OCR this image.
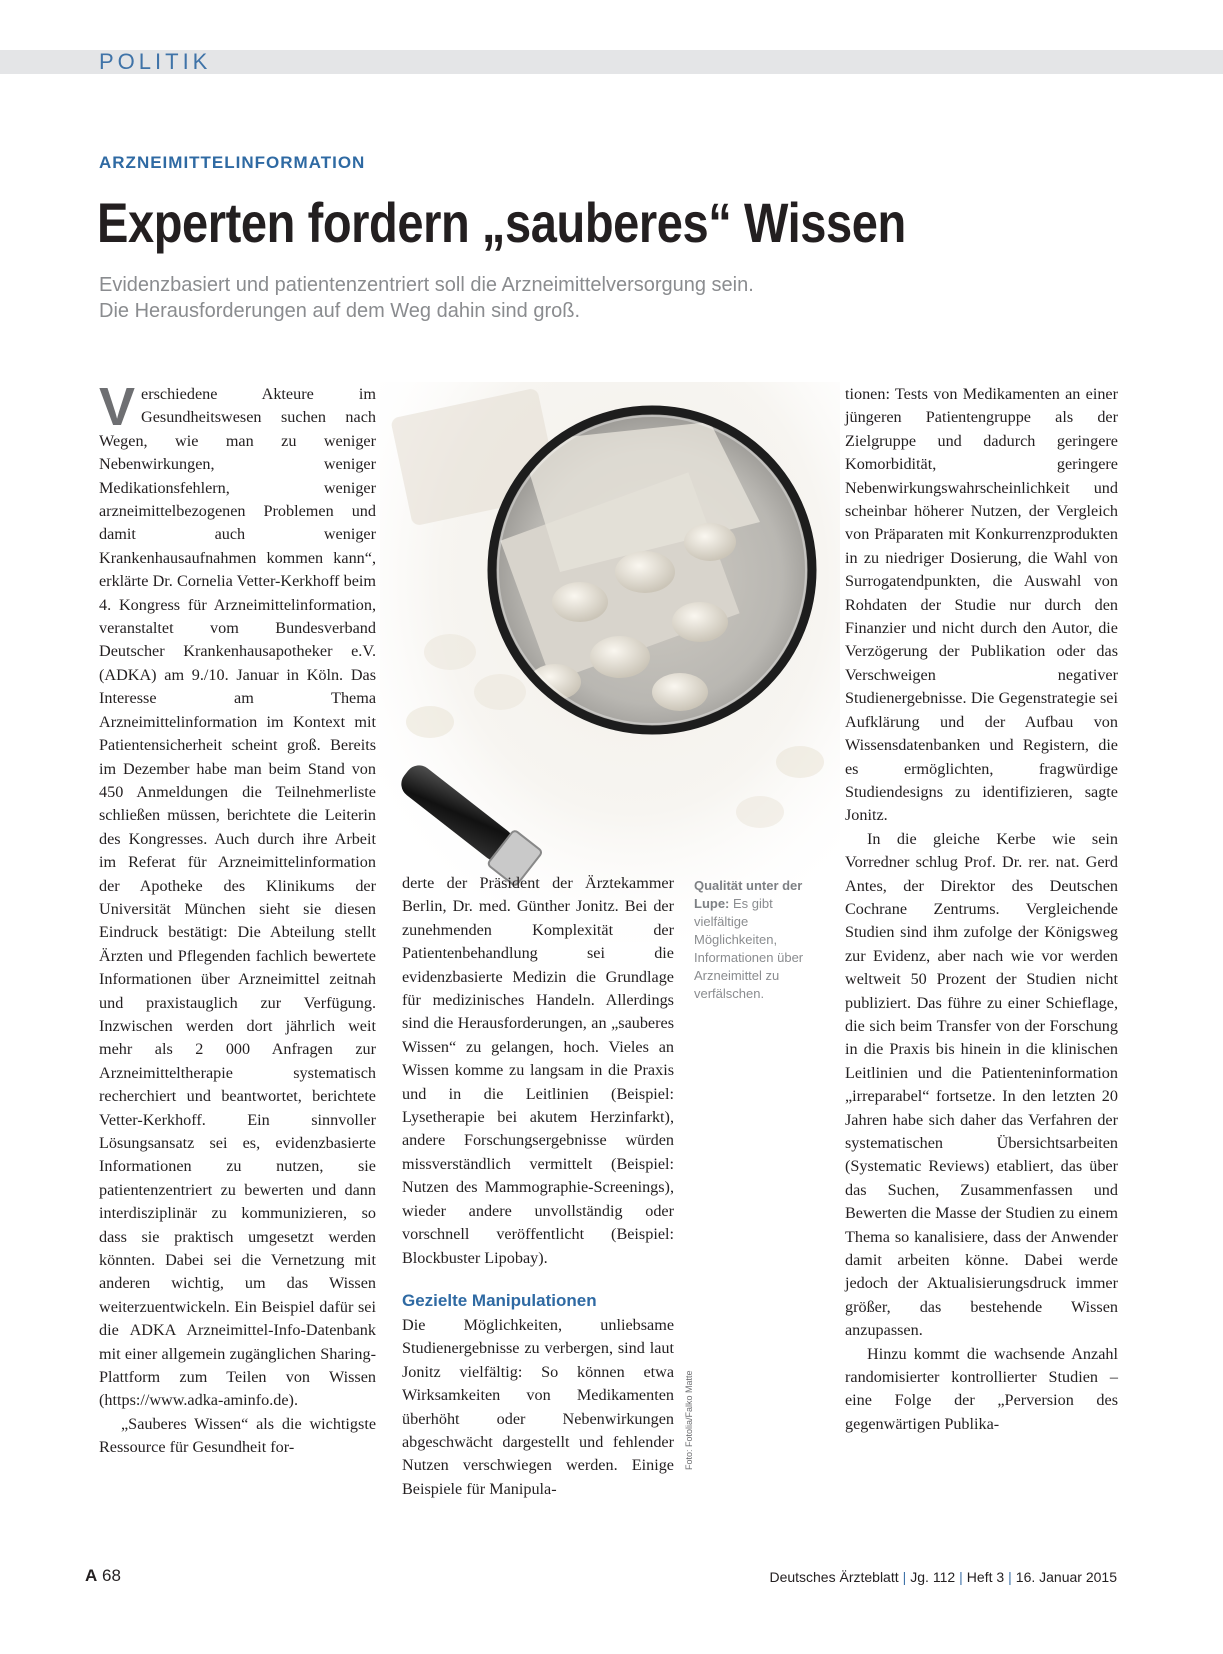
POLITIK
ARZNEIMITTELINFORMATION
Experten fordern „sauberes“ Wissen
Evidenzbasiert und patientenzentriert soll die Arzneimittelversorgung sein.
Die Herausforderungen auf dem Weg dahin sind groß.

Verschiedene Akteure im Gesundheitswesen suchen nach Wegen, wie man zu weniger Nebenwirkungen, weniger Medikationsfehlern, weniger arzneimittelbezogenen Problemen und damit auch weniger Krankenhausaufnahmen kommen kann“, erklärte Dr. Cornelia Vetter-Kerkhoff beim 4. Kongress für Arzneimittelinformation, veranstaltet vom Bundesverband Deutscher Krankenhausapotheker e.V. (ADKA) am 9./10. Januar in Köln. Das Interesse am Thema Arzneimittelinformation im Kontext mit Patientensicherheit scheint groß. Bereits im Dezember habe man beim Stand von 450 Anmeldungen die Teilnehmerliste schließen müssen, berichtete die Leiterin des Kongresses. Auch durch ihre Arbeit im Referat für Arzneimittelinformation der Apotheke des Klinikums der Universität München sieht sie diesen Eindruck bestätigt: Die Abteilung stellt Ärzten und Pflegenden fachlich bewertete Informationen über Arzneimittel zeitnah und praxistauglich zur Verfügung. Inzwischen werden dort jährlich weit mehr als 2 000 Anfragen zur Arzneimitteltherapie systematisch recherchiert und beantwortet, berichtete Vetter-Kerkhoff. Ein sinnvoller Lösungsansatz sei es, evidenzbasierte Informationen zu nutzen, sie patientenzentriert zu bewerten und dann interdisziplinär zu kommunizieren, so dass sie praktisch umgesetzt werden könnten. Dabei sei die Vernetzung mit anderen wichtig, um das Wissen weiterzuentwickeln. Ein Beispiel dafür sei die ADKA Arzneimittel-Info-Datenbank mit einer allgemein zugänglichen Sharing-Plattform zum Teilen von Wissen (https://www.adka-aminfo.de).

„Sauberes Wissen“ als die wichtigste Ressource für Gesundheit for-

derte der Präsident der Ärztekammer Berlin, Dr. med. Günther Jonitz. Bei der zunehmenden Komplexität der Patientenbehandlung sei die evidenzbasierte Medizin die Grundlage für medizinisches Handeln. Allerdings sind die Herausforderungen, an „sauberes Wissen“ zu gelangen, hoch. Vieles an Wissen komme zu langsam in die Praxis und in die Leitlinien (Beispiel: Lysetherapie bei akutem Herzinfarkt), andere Forschungsergebnisse würden missverständlich vermittelt (Beispiel: Nutzen des Mammographie-Screenings), wieder andere unvollständig oder vorschnell veröffentlicht (Beispiel: Blockbuster Lipobay).

Gezielte Manipulationen

Die Möglichkeiten, unliebsame Studienergebnisse zu verbergen, sind laut Jonitz vielfältig: So können etwa Wirksamkeiten von Medikamenten überhöht oder Nebenwirkungen abgeschwächt dargestellt und fehlender Nutzen verschwiegen werden. Einige Beispiele für Manipula-

tionen: Tests von Medikamenten an einer jüngeren Patientengruppe als der Zielgruppe und dadurch geringere Komorbidität, geringere Nebenwirkungswahrscheinlichkeit und scheinbar höherer Nutzen, der Vergleich von Präparaten mit Konkurrenzprodukten in zu niedriger Dosierung, die Wahl von Surrogatendpunkten, die Auswahl von Rohdaten der Studie nur durch den Finanzier und nicht durch den Autor, die Verzögerung der Publikation oder das Verschweigen negativer Studienergebnisse. Die Gegenstrategie sei Aufklärung und der Aufbau von Wissensdatenbanken und Registern, die es ermöglichten, fragwürdige Studiendesigns zu identifizieren, sagte Jonitz.

In die gleiche Kerbe wie sein Vorredner schlug Prof. Dr. rer. nat. Gerd Antes, der Direktor des Deutschen Cochrane Zentrums. Vergleichende Studien sind ihm zufolge der Königsweg zur Evidenz, aber nach wie vor werden weltweit 50 Prozent der Studien nicht publiziert. Das führe zu einer Schieflage, die sich beim Transfer von der Forschung in die Praxis bis hinein in die klinischen Leitlinien und die Patienteninformation „irreparabel“ fortsetze. In den letzten 20 Jahren habe sich daher das Verfahren der systematischen Übersichtsarbeiten (Systematic Reviews) etabliert, das über das Suchen, Zusammenfassen und Bewerten die Masse der Studien zu einem Thema so kanalisiere, dass der Anwender damit arbeiten könne. Dabei werde jedoch der Aktualisierungsdruck immer größer, das bestehende Wissen anzupassen.

Hinzu kommt die wachsende Anzahl randomisierter kontrollierter Studien – eine Folge der „Perversion des gegenwärtigen Publika-

Qualität unter der Lupe: Es gibt vielfältige Möglichkeiten, Informationen über Arzneimittel zu verfälschen.
Foto: Fotolia/Falko Matte
A 68	Deutsches Ärzteblatt | Jg. 112 | Heft 3 | 16. Januar 2015
